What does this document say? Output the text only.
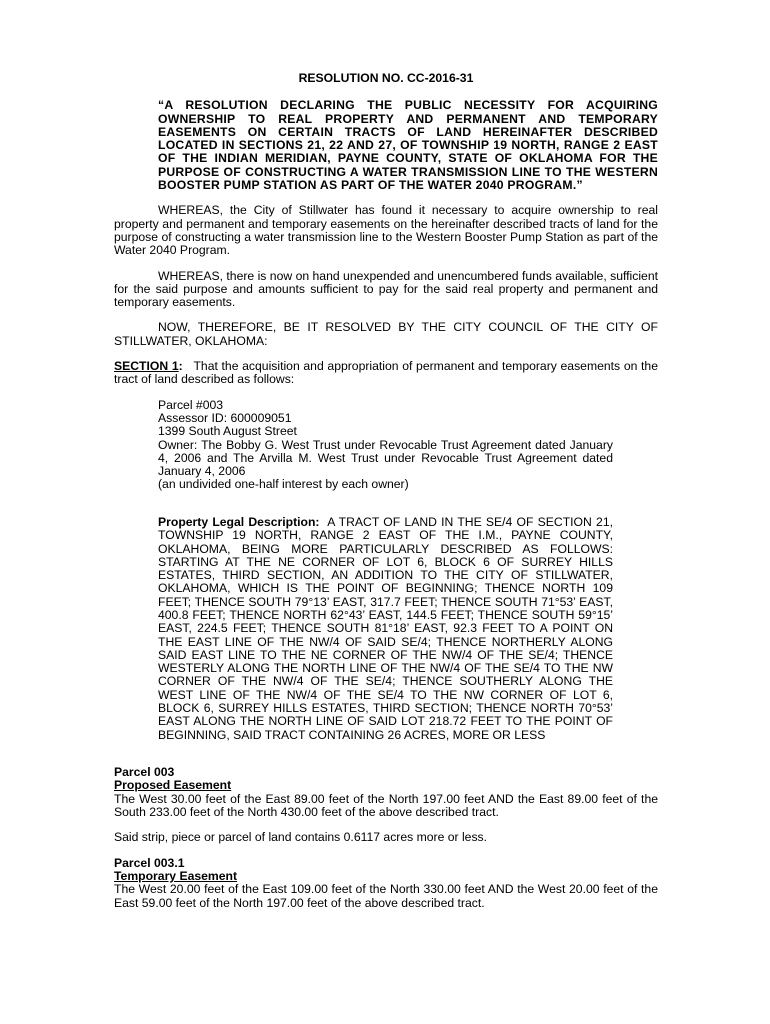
RESOLUTION NO. CC-2016-31
“A RESOLUTION DECLARING THE PUBLIC NECESSITY FOR ACQUIRING OWNERSHIP TO REAL PROPERTY AND PERMANENT AND TEMPORARY EASEMENTS ON CERTAIN TRACTS OF LAND HEREINAFTER DESCRIBED LOCATED IN SECTIONS 21, 22 AND 27, OF TOWNSHIP 19 NORTH, RANGE 2 EAST OF THE INDIAN MERIDIAN, PAYNE COUNTY, STATE OF OKLAHOMA FOR THE PURPOSE OF CONSTRUCTING A WATER TRANSMISSION LINE TO THE WESTERN BOOSTER PUMP STATION AS PART OF THE WATER 2040 PROGRAM.”

WHEREAS, the City of Stillwater has found it necessary to acquire ownership to real property and permanent and temporary easements on the hereinafter described tracts of land for the purpose of constructing a water transmission line to the Western Booster Pump Station as part of the Water 2040 Program.

WHEREAS, there is now on hand unexpended and unencumbered funds available, sufficient for the said purpose and amounts sufficient to pay for the said real property and permanent and temporary easements.

NOW, THEREFORE, BE IT RESOLVED BY THE CITY COUNCIL OF THE CITY OF STILLWATER, OKLAHOMA:

SECTION 1: That the acquisition and appropriation of permanent and temporary easements on the tract of land described as follows:

Parcel #003
Assessor ID: 600009051
1399 South August Street
Owner: The Bobby G. West Trust under Revocable Trust Agreement dated January 4, 2006 and The Arvilla M. West Trust under Revocable Trust Agreement dated January 4, 2006
(an undivided one-half interest by each owner)

Property Legal Description: A TRACT OF LAND IN THE SE/4 OF SECTION 21, TOWNSHIP 19 NORTH, RANGE 2 EAST OF THE I.M., PAYNE COUNTY, OKLAHOMA, BEING MORE PARTICULARLY DESCRIBED AS FOLLOWS: STARTING AT THE NE CORNER OF LOT 6, BLOCK 6 OF SURREY HILLS ESTATES, THIRD SECTION, AN ADDITION TO THE CITY OF STILLWATER, OKLAHOMA, WHICH IS THE POINT OF BEGINNING; THENCE NORTH 109 FEET; THENCE SOUTH 79°13’ EAST, 317.7 FEET; THENCE SOUTH 71°53’ EAST, 400.8 FEET; THENCE NORTH 62°43’ EAST, 144.5 FEET; THENCE SOUTH 59°15’ EAST, 224.5 FEET; THENCE SOUTH 81°18’ EAST, 92.3 FEET TO A POINT ON THE EAST LINE OF THE NW/4 OF SAID SE/4; THENCE NORTHERLY ALONG SAID EAST LINE TO THE NE CORNER OF THE NW/4 OF THE SE/4; THENCE WESTERLY ALONG THE NORTH LINE OF THE NW/4 OF THE SE/4 TO THE NW CORNER OF THE NW/4 OF THE SE/4; THENCE SOUTHERLY ALONG THE WEST LINE OF THE NW/4 OF THE SE/4 TO THE NW CORNER OF LOT 6, BLOCK 6, SURREY HILLS ESTATES, THIRD SECTION; THENCE NORTH 70°53’ EAST ALONG THE NORTH LINE OF SAID LOT 218.72 FEET TO THE POINT OF BEGINNING, SAID TRACT CONTAINING 26 ACRES, MORE OR LESS

Parcel 003
Proposed Easement

The West 30.00 feet of the East 89.00 feet of the North 197.00 feet AND the East 89.00 feet of the South 233.00 feet of the North 430.00 feet of the above described tract.

Said strip, piece or parcel of land contains 0.6117 acres more or less.

Parcel 003.1
Temporary Easement

The West 20.00 feet of the East 109.00 feet of the North 330.00 feet AND the West 20.00 feet of the East 59.00 feet of the North 197.00 feet of the above described tract.
